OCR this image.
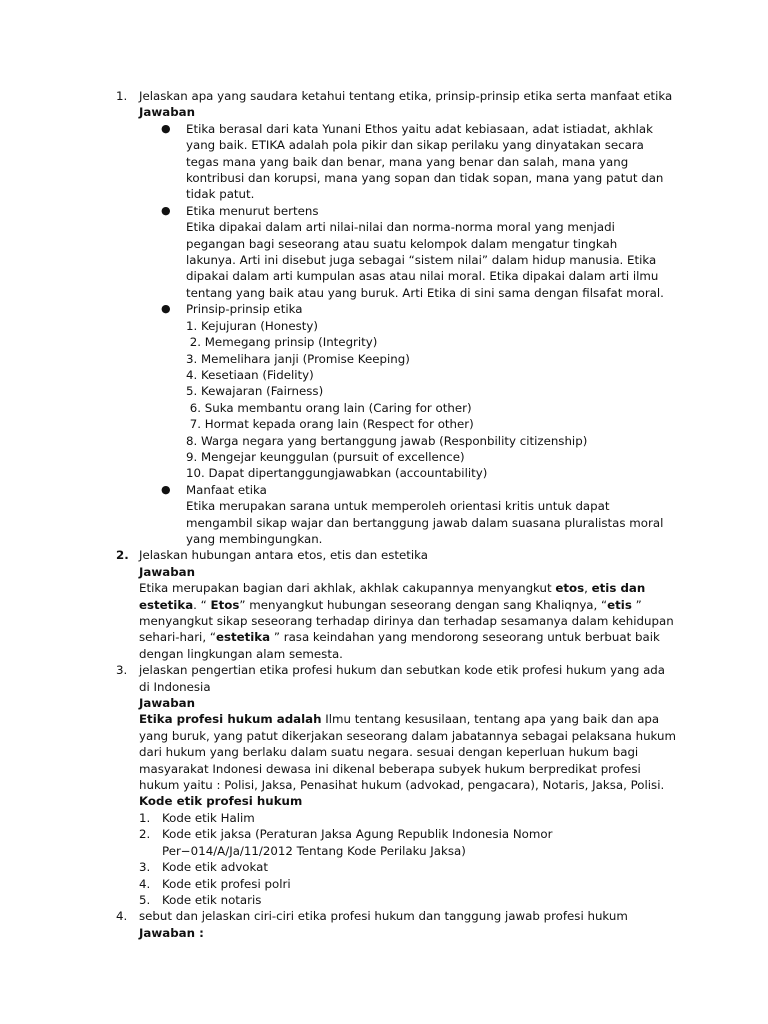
1. Jelaskan apa yang saudara ketahui tentang etika, prinsip-prinsip etika serta manfaat etika
Jawaban
● Etika berasal dari kata Yunani Ethos yaitu adat kebiasaan, adat istiadat, akhlak yang baik. ETIKA adalah pola pikir dan sikap perilaku yang dinyatakan secara tegas mana yang baik dan benar, mana yang benar dan salah, mana yang kontribusi dan korupsi, mana yang sopan dan tidak sopan, mana yang patut dan tidak patut.
● Etika menurut bertens
Etika dipakai dalam arti nilai-nilai dan norma-norma moral yang menjadi pegangan bagi seseorang atau suatu kelompok dalam mengatur tingkah lakunya. Arti ini disebut juga sebagai “sistem nilai” dalam hidup manusia. Etika dipakai dalam arti kumpulan asas atau nilai moral. Etika dipakai dalam arti ilmu tentang yang baik atau yang buruk. Arti Etika di sini sama dengan filsafat moral.
● Prinsip-prinsip etika
1. Kejujuran (Honesty)
2. Memegang prinsip (Integrity)
3. Memelihara janji (Promise Keeping)
4. Kesetiaan (Fidelity)
5. Kewajaran (Fairness)
6. Suka membantu orang lain (Caring for other)
7. Hormat kepada orang lain (Respect for other)
8. Warga negara yang bertanggung jawab (Responbility citizenship)
9. Mengejar keunggulan (pursuit of excellence)
10. Dapat dipertanggungjawabkan (accountability)
● Manfaat etika
Etika merupakan sarana untuk memperoleh orientasi kritis untuk dapat mengambil sikap wajar dan bertanggung jawab dalam suasana pluralistas moral yang membingungkan.
2. Jelaskan hubungan antara etos, etis dan estetika
Jawaban
Etika merupakan bagian dari akhlak, akhlak cakupannya menyangkut etos, etis dan estetika. “ Etos” menyangkut hubungan seseorang dengan sang Khaliqnya, “etis ” menyangkut sikap seseorang terhadap dirinya dan terhadap sesamanya dalam kehidupan sehari-hari, “estetika ” rasa keindahan yang mendorong seseorang untuk berbuat baik dengan lingkungan alam semesta.
3. jelaskan pengertian etika profesi hukum dan sebutkan kode etik profesi hukum yang ada di Indonesia
Jawaban
Etika profesi hukum adalah Ilmu tentang kesusilaan, tentang apa yang baik dan apa yang buruk, yang patut dikerjakan seseorang dalam jabatannya sebagai pelaksana hukum dari hukum yang berlaku dalam suatu negara. sesuai dengan keperluan hukum bagi masyarakat Indonesi dewasa ini dikenal beberapa subyek hukum berpredikat profesi hukum yaitu : Polisi, Jaksa, Penasihat hukum (advokad, pengacara), Notaris, Jaksa, Polisi.
Kode etik profesi hukum
1. Kode etik Halim
2. Kode etik jaksa (Peraturan Jaksa Agung Republik Indonesia Nomor Per−014/A/Ja/11/2012 Tentang Kode Perilaku Jaksa)
3. Kode etik advokat
4. Kode etik profesi polri
5. Kode etik notaris
4. sebut dan jelaskan ciri-ciri etika profesi hukum dan tanggung jawab profesi hukum
Jawaban :
